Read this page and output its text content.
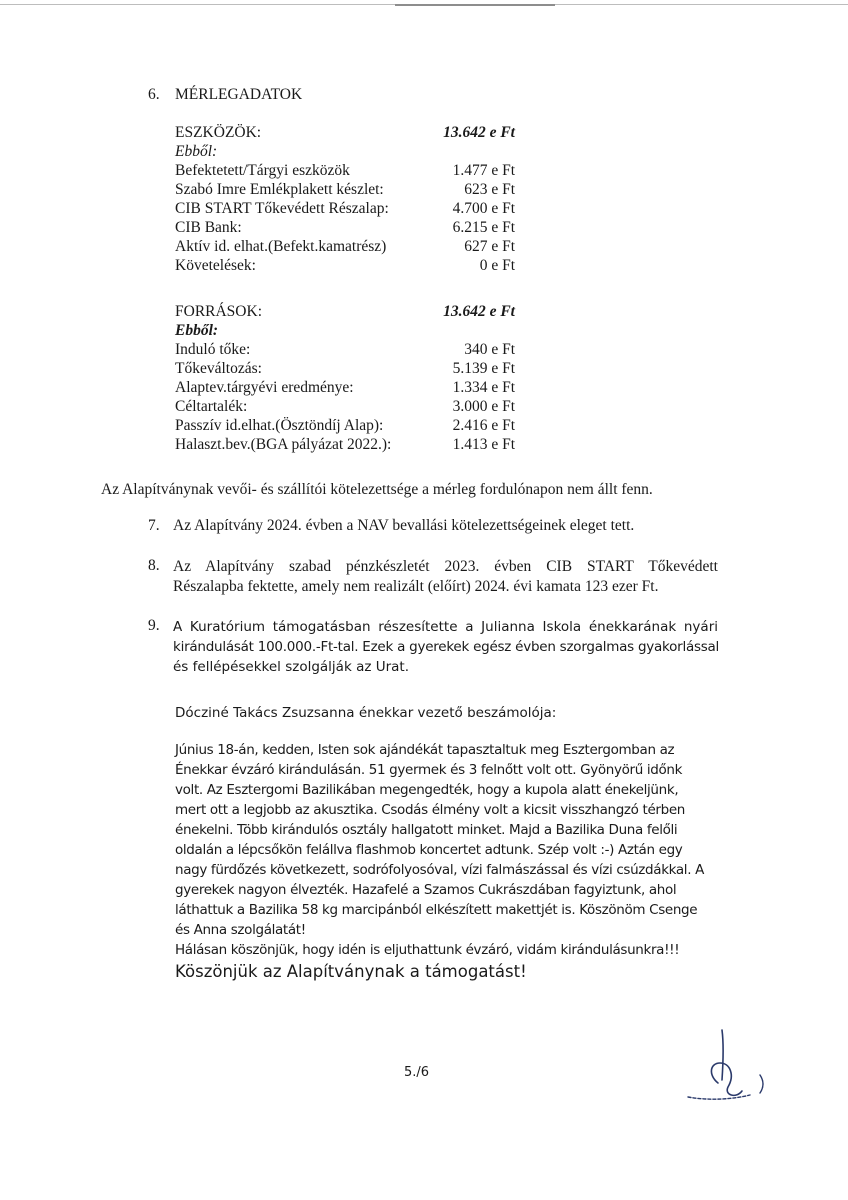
6. MÉRLEGADATOK
ESZKÖZÖK:	13.642 e Ft
Ebből:
Befektetett/Tárgyi eszközök	1.477 e Ft
Szabó Imre Emlékplakett készlet:	623 e Ft
CIB START Tőkevédett Részalap:	4.700 e Ft
CIB Bank:	6.215 e Ft
Aktív id. elhat.(Befekt.kamatrész)	627 e Ft
Követelések:	0 e Ft
FORRÁSOK:	13.642 e Ft
Ebből:
Induló tőke:	340 e Ft
Tőkeváltozás:	5.139 e Ft
Alaptev.tárgyévi eredménye:	1.334 e Ft
Céltartalék:	3.000 e Ft
Passzív id.elhat.(Ösztöndíj Alap):	2.416 e Ft
Halaszt.bev.(BGA pályázat 2022.):	1.413 e Ft
Az Alapítványnak vevői- és szállítói kötelezettsége a mérleg fordulónapon nem állt fenn.
7. Az Alapítvány 2024. évben a NAV bevallási kötelezettségeinek eleget tett.
8. Az Alapítvány szabad pénzkészletét 2023. évben CIB START Tőkevédett
Részalapba fektette, amely nem realizált (előírt) 2024. évi kamata 123 ezer Ft.
9. A Kuratórium támogatásban részesítette a Julianna Iskola énekkarának nyári
kirándulását 100.000.-Ft-tal. Ezek a gyerekek egész évben szorgalmas gyakorlással
és fellépésekkel szolgálják az Urat.
Dócziné Takács Zsuzsanna énekkar vezető beszámolója:
Június 18-án, kedden, Isten sok ajándékát tapasztaltuk meg Esztergomban az
Énekkar évzáró kirándulásán. 51 gyermek és 3 felnőtt volt ott. Gyönyörű időnk
volt. Az Esztergomi Bazilikában megengedték, hogy a kupola alatt énekeljünk,
mert ott a legjobb az akusztika. Csodás élmény volt a kicsit visszhangzó térben
énekelni. Több kirándulós osztály hallgatott minket. Majd a Bazilika Duna felőli
oldalán a lépcsőkön felállva flashmob koncertet adtunk. Szép volt :-) Aztán egy
nagy fürdőzés következett, sodrófolyosóval, vízi falmászással és vízi csúzdákkal. A
gyerekek nagyon élvezték. Hazafelé a Szamos Cukrászdában fagyiztunk, ahol
láthattuk a Bazilika 58 kg marcipánból elkészített makettjét is. Köszönöm Csenge
és Anna szolgálatát!
Hálásan köszönjük, hogy idén is eljuthattunk évzáró, vidám kirándulásunkra!!!
Köszönjük az Alapítványnak a támogatást!
5./6
